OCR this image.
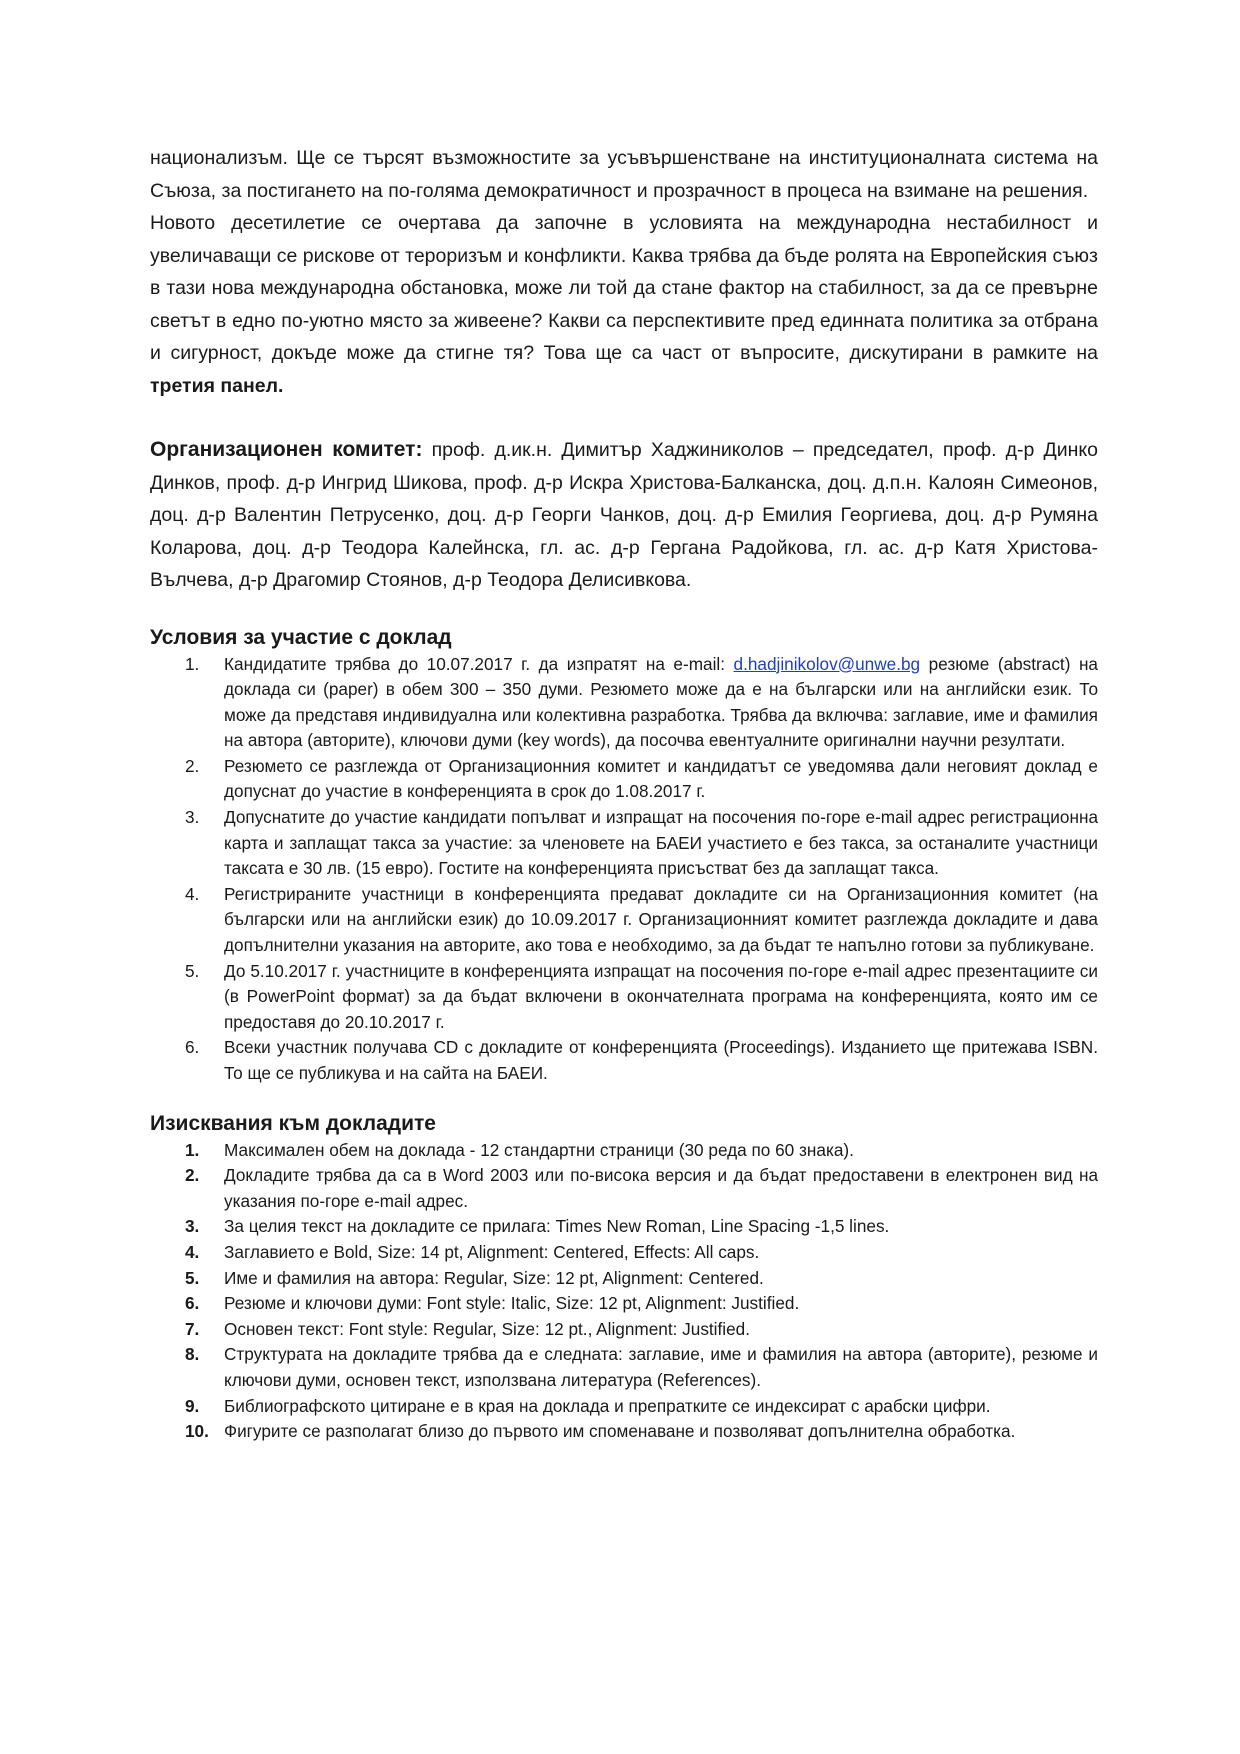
национализъм. Ще се търсят възможностите за усъвършенстване на институционалната система на Съюза, за постигането на по-голяма демократичност и прозрачност в процеса на взимане на решения.

Новото десетилетие се очертава да започне в условията на международна нестабилност и увеличаващи се рискове от тероризъм и конфликти. Каква трябва да бъде ролята на Европейския съюз в тази нова международна обстановка, може ли той да стане фактор на стабилност, за да се превърне светът в едно по-уютно място за живеене? Какви са перспективите пред единната политика за отбрана и сигурност, докъде може да стигне тя? Това ще са част от въпросите, дискутирани в рамките на третия панел.

Организационен комитет: проф. д.ик.н. Димитър Хаджиниколов – председател, проф. д-р Динко Динков, проф. д-р Ингрид Шикова, проф. д-р Искра Христова-Балканска, доц. д.п.н. Калоян Симеонов, доц. д-р Валентин Петрусенко, доц. д-р Георги Чанков, доц. д-р Емилия Георгиева, доц. д-р Румяна Коларова, доц. д-р Теодора Калейнска, гл. ас. д-р Гергана Радойкова, гл. ас. д-р Катя Христова-Вълчева, д-р Драгомир Стоянов, д-р Теодора Делисивкова.
Условия за участие с доклад
1. Кандидатите трябва до 10.07.2017 г. да изпратят на e-mail: d.hadjinikolov@unwe.bg резюме (abstract) на доклада си (paper) в обем 300 – 350 думи. Резюмето може да е на български или на английски език. То може да представя индивидуална или колективна разработка. Трябва да включва: заглавие, име и фамилия на автора (авторите), ключови думи (key words), да посочва евентуалните оригинални научни резултати.
2. Резюмето се разглежда от Организационния комитет и кандидатът се уведомява дали неговият доклад е допуснат до участие в конференцията в срок до 1.08.2017 г.
3. Допуснатите до участие кандидати попълват и изпращат на посочения по-горе e-mail адрес регистрационна карта и заплащат такса за участие: за членовете на БАЕИ участието е без такса, за останалите участници таксата е 30 лв. (15 евро). Гостите на конференцията присъстват без да заплащат такса.
4. Регистрираните участници в конференцията предават докладите си на Организационния комитет (на български или на английски език) до 10.09.2017 г. Организационният комитет разглежда докладите и дава допълнителни указания на авторите, ако това е необходимо, за да бъдат те напълно готови за публикуване.
5. До 5.10.2017 г. участниците в конференцията изпращат на посочения по-горе e-mail адрес презентациите си (в PowerPoint формат) за да бъдат включени в окончателната програма на конференцията, която им се предоставя до 20.10.2017 г.
6. Всеки участник получава CD с докладите от конференцията (Proceedings). Изданието ще притежава ISBN. То ще се публикува и на сайта на БАЕИ.
Изисквания към докладите
1. Максимален обем на доклада - 12 стандартни страници (30 реда по 60 знака).
2. Докладите трябва да са в Word 2003 или по-висока версия и да бъдат предоставени в електронен вид на указания по-горе e-mail адрес.
3. За целия текст на докладите се прилага: Times New Roman, Line Spacing -1,5 lines.
4. Заглавието е Bold, Size: 14 pt, Alignment: Centered, Effects: All caps.
5. Име и фамилия на автора: Regular, Size: 12 pt, Alignment: Centered.
6. Резюме и ключови думи: Font style: Italic, Size: 12 pt, Alignment: Justified.
7. Основен текст: Font style: Regular, Size: 12 pt., Alignment: Justified.
8. Структурата на докладите трябва да е следната: заглавие, име и фамилия на автора (авторите), резюме и ключови думи, основен текст, използвана литература (References).
9. Библиографското цитиране е в края на доклада и препратките се индексират с арабски цифри.
10. Фигурите се разполагат близо до първото им споменаване и позволяват допълнителна обработка.
